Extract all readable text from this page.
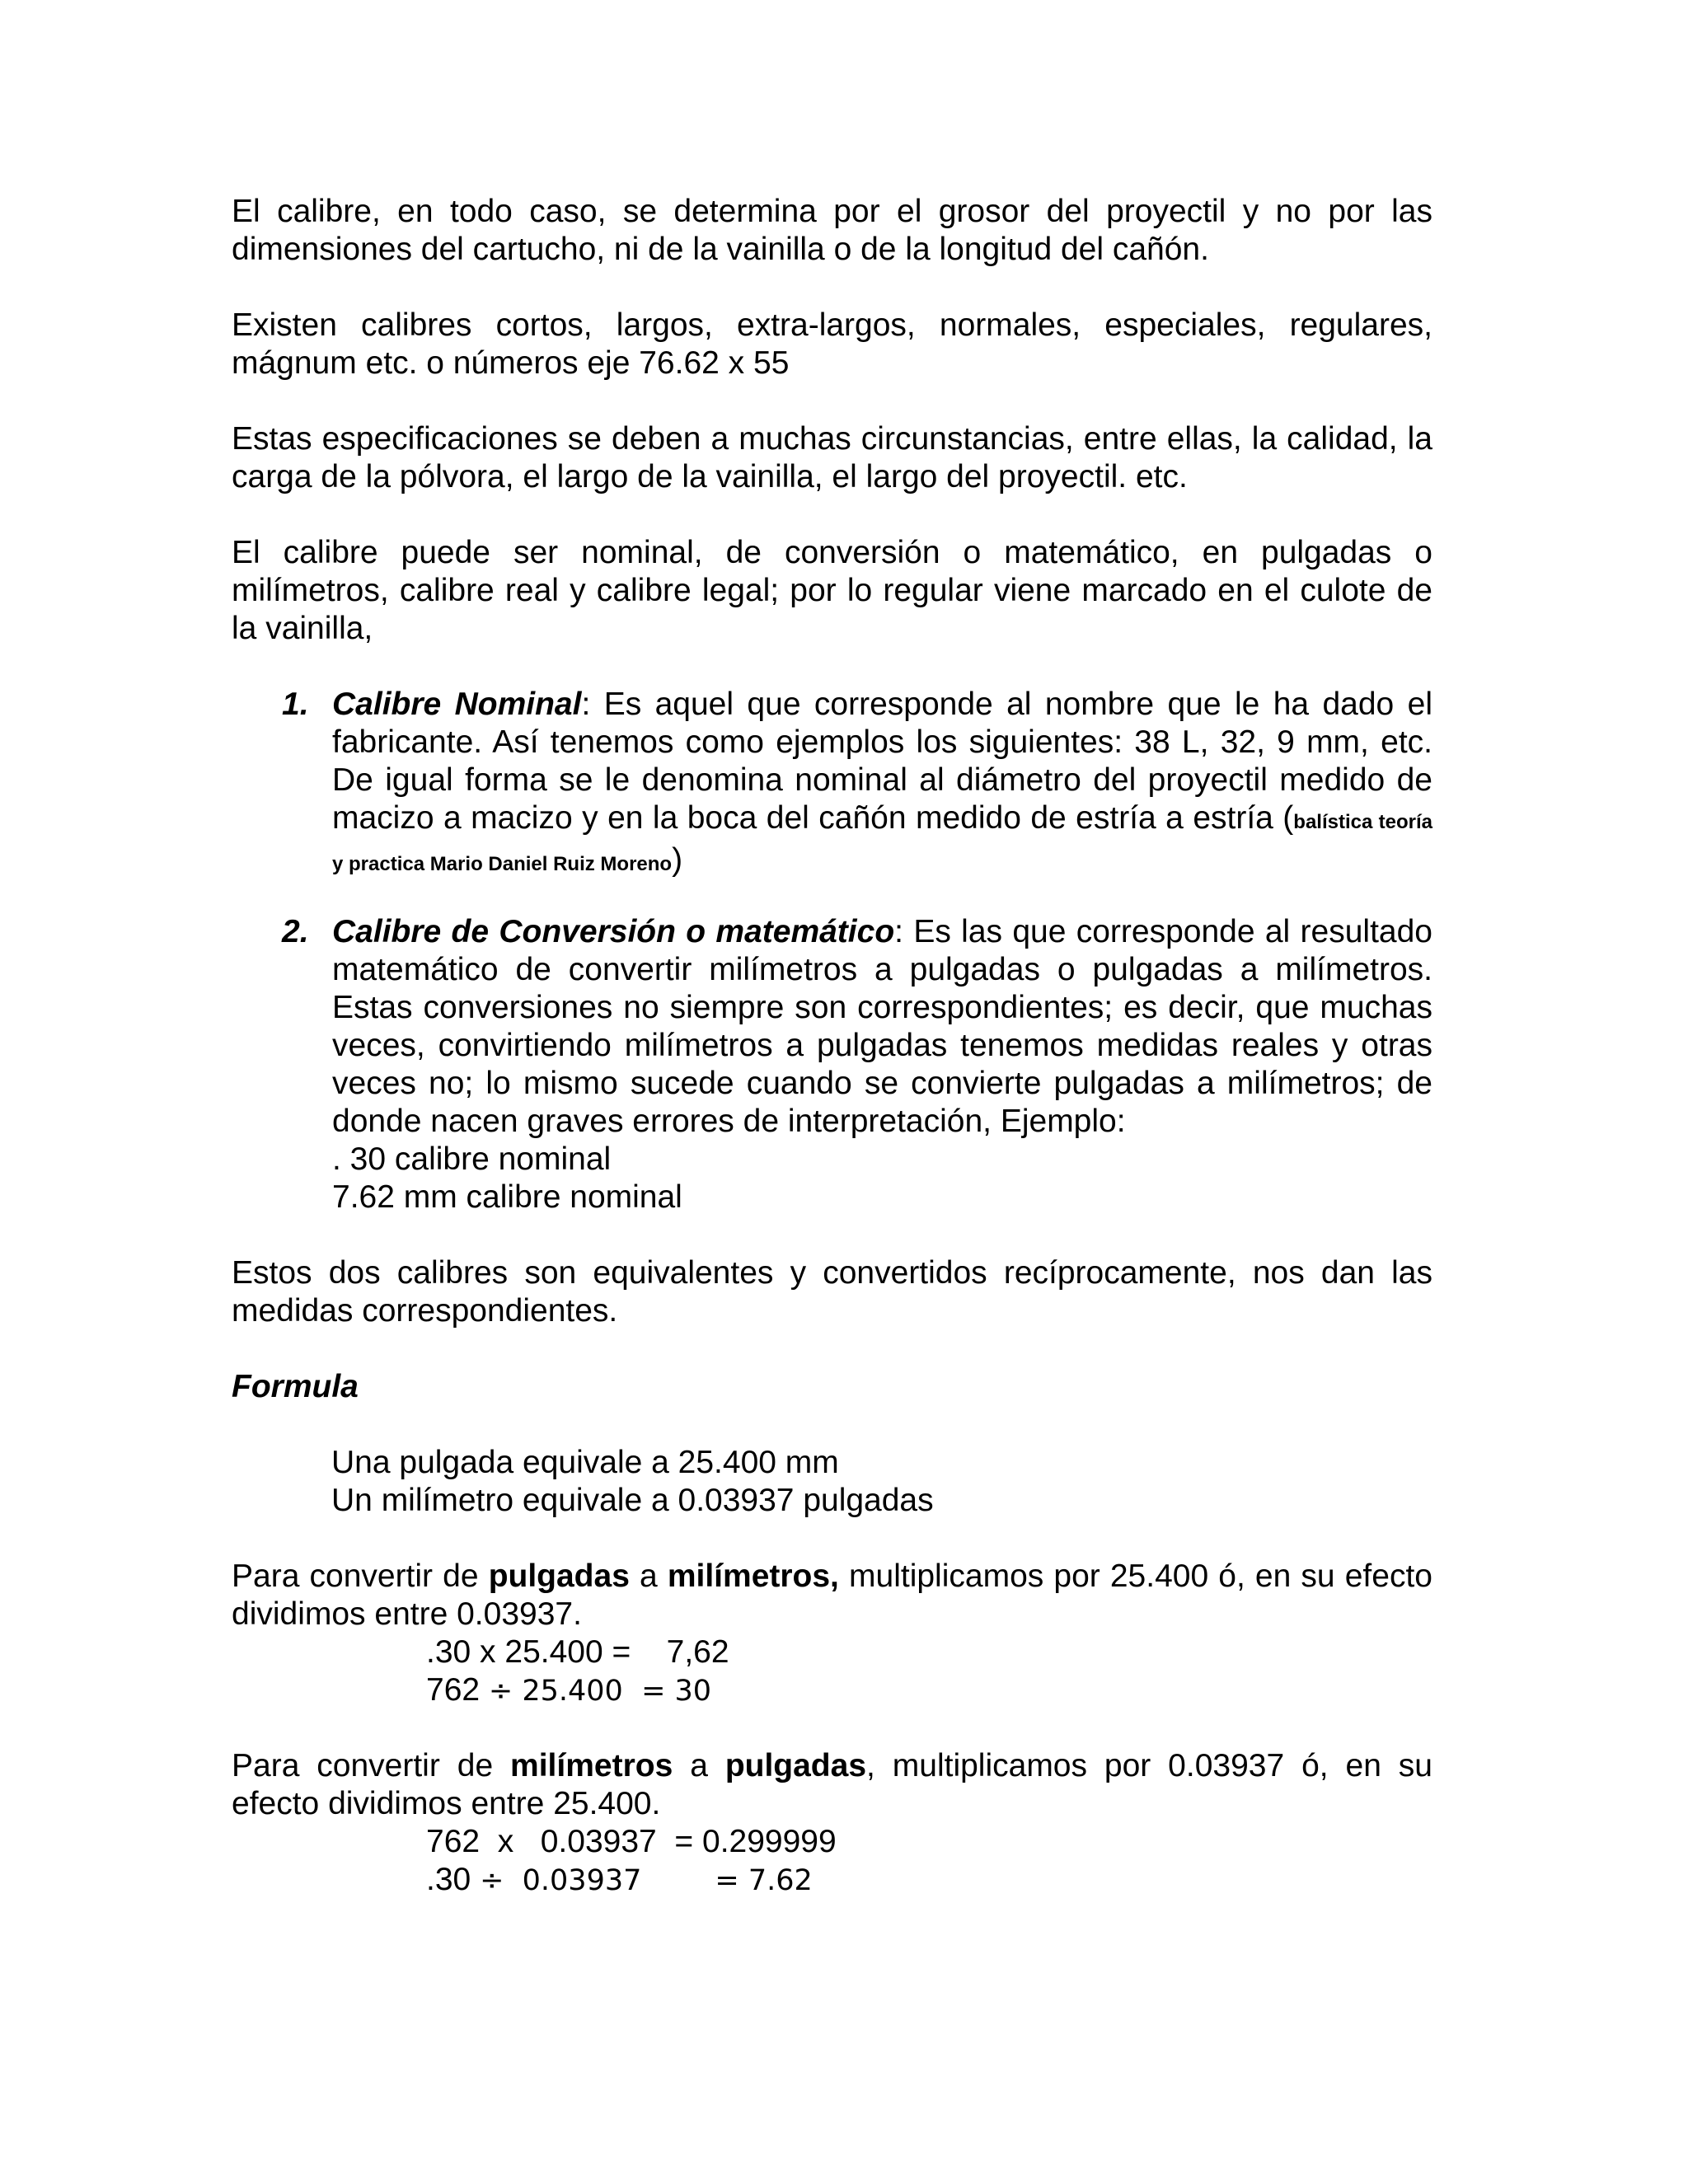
El calibre, en todo caso, se determina por el grosor del proyectil y no por las dimensiones del cartucho, ni de la vainilla o de la longitud del cañón.

Existen calibres cortos, largos, extra-largos, normales, especiales, regulares, mágnum etc. o números eje 76.62 x 55

Estas especificaciones se deben a muchas circunstancias, entre ellas, la calidad, la carga de la pólvora, el largo de la vainilla, el largo del proyectil. etc.

El calibre puede ser nominal, de conversión o matemático, en pulgadas o milímetros, calibre real y calibre legal; por lo regular viene marcado en el culote de la vainilla,

1. Calibre Nominal: Es aquel que corresponde al nombre que le ha dado el fabricante. Así tenemos como ejemplos los siguientes: 38 L, 32, 9 mm, etc. De igual forma se le denomina nominal al diámetro del proyectil medido de macizo a macizo y en la boca del cañón medido de estría a estría (balística teoría y practica Mario Daniel Ruiz Moreno)
2. Calibre de Conversión o matemático: Es las que corresponde al resultado matemático de convertir milímetros a pulgadas o pulgadas a milímetros. Estas conversiones no siempre son correspondientes; es decir, que muchas veces, convirtiendo milímetros a pulgadas tenemos medidas reales y otras veces no; lo mismo sucede cuando se convierte pulgadas a milímetros; de donde nacen graves errores de interpretación, Ejemplo:
. 30 calibre nominal
7.62 mm calibre nominal

Estos dos calibres son equivalentes y convertidos recíprocamente, nos dan las medidas correspondientes.

Formula
Una pulgada equivale a 25.400 mm
Un milímetro equivale a 0.03937 pulgadas

Para convertir de pulgadas a milímetros, multiplicamos por 25.400 ó, en su efecto dividimos entre 0.03937.

.30 x 25.400 =    7,62
762 ÷ 25.400  = 30

Para convertir de milímetros a pulgadas, multiplicamos por 0.03937 ó, en su efecto dividimos entre 25.400.

762  x   0.03937  = 0.299999
.30 ÷  0.03937        = 7.62
